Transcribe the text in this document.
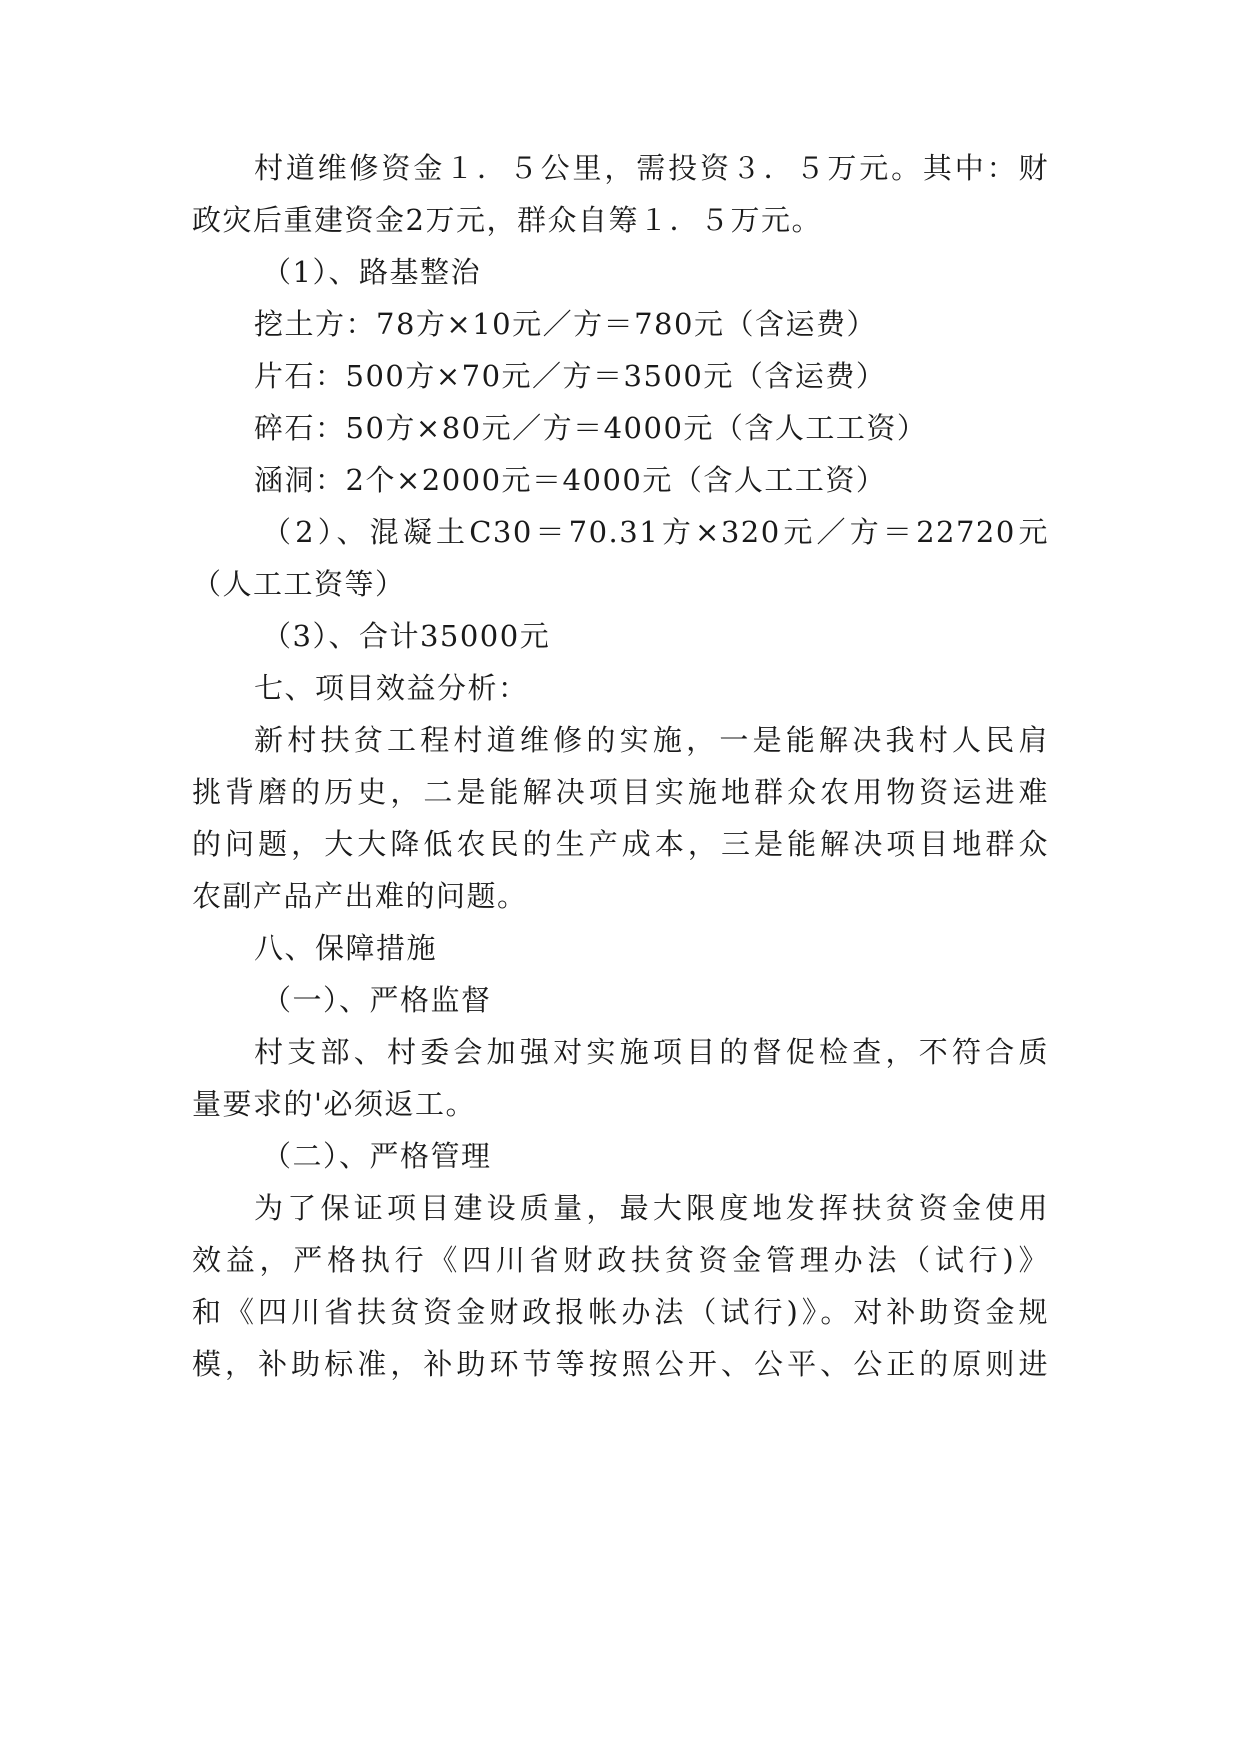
村道维修资金１．５公里，需投资３．５万元。其中：财
政灾后重建资金2万元，群众自筹１．５万元。
（1）、路基整治
挖土方：78方×10元／方＝780元（含运费）
片石：500方×70元／方＝3500元（含运费）
碎石：50方×80元／方＝4000元（含人工工资）
涵洞：2个×2000元＝4000元（含人工工资）
（2）、混凝土C30＝70.31方×320元／方＝22720元
（人工工资等）
（3）、合计35000元
七、项目效益分析：
新村扶贫工程村道维修的实施，一是能解决我村人民肩
挑背磨的历史，二是能解决项目实施地群众农用物资运进难
的问题，大大降低农民的生产成本，三是能解决项目地群众
农副产品产出难的问题。
八、保障措施
（一）、严格监督
村支部、村委会加强对实施项目的督促检查，不符合质
量要求的'必须返工。
（二）、严格管理
为了保证项目建设质量，最大限度地发挥扶贫资金使用
效益，严格执行《四川省财政扶贫资金管理办法（试行)》
和《四川省扶贫资金财政报帐办法（试行)》。对补助资金规
模，补助标准，补助环节等按照公开、公平、公正的原则进
